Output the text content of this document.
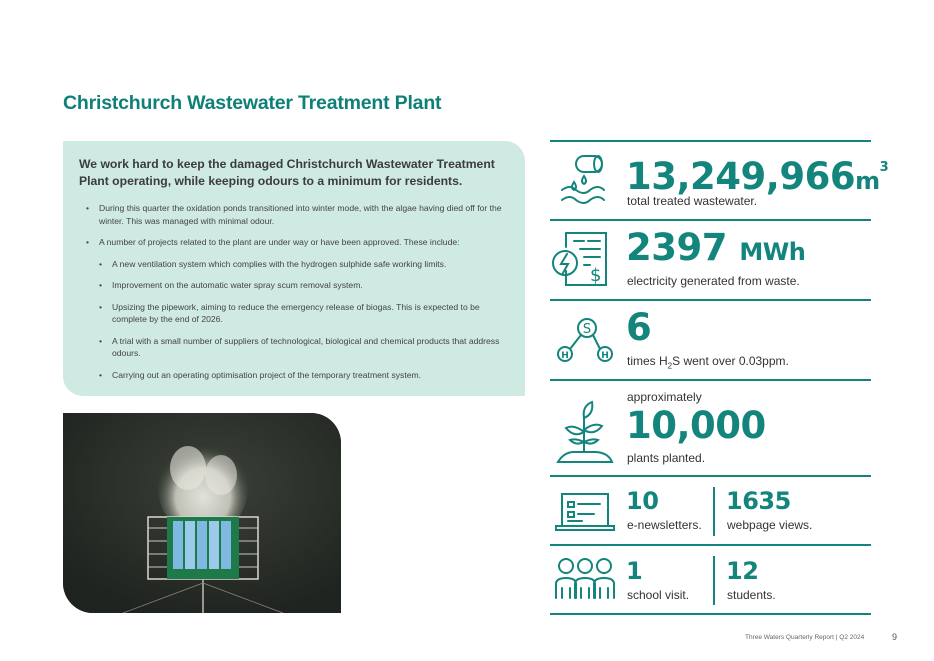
Christchurch Wastewater Treatment Plant
We work hard to keep the damaged Christchurch Wastewater Treatment Plant operating, while keeping odours to a minimum for residents.
• During this quarter the oxidation ponds transitioned into winter mode, with the algae having died off for the winter. This was managed with minimal odour.
• A number of projects related to the plant are under way or have been approved. These include:
• A new ventilation system which complies with the hydrogen sulphide safe working limits.
• Improvement on the automatic water spray scum removal system.
• Upsizing the pipework, aiming to reduce the emergency release of biogas. This is expected to be complete by the end of 2026.
• A trial with a small number of suppliers of technological, biological and chemical products that address odours.
• Carrying out an operating optimisation project of the temporary treatment system.
$13,249,966m^3$
total treated wastewater.
$
2397 MWh
electricity generated from waste.
S
H	H
6
times $H_2S$ went over 0.03ppm.
approximately
10,000
plants planted.
10
e-newsletters.
1635
webpage views.
1
school visit.
12
students.
Three Waters Quarterly Report | Q2 2024	9
